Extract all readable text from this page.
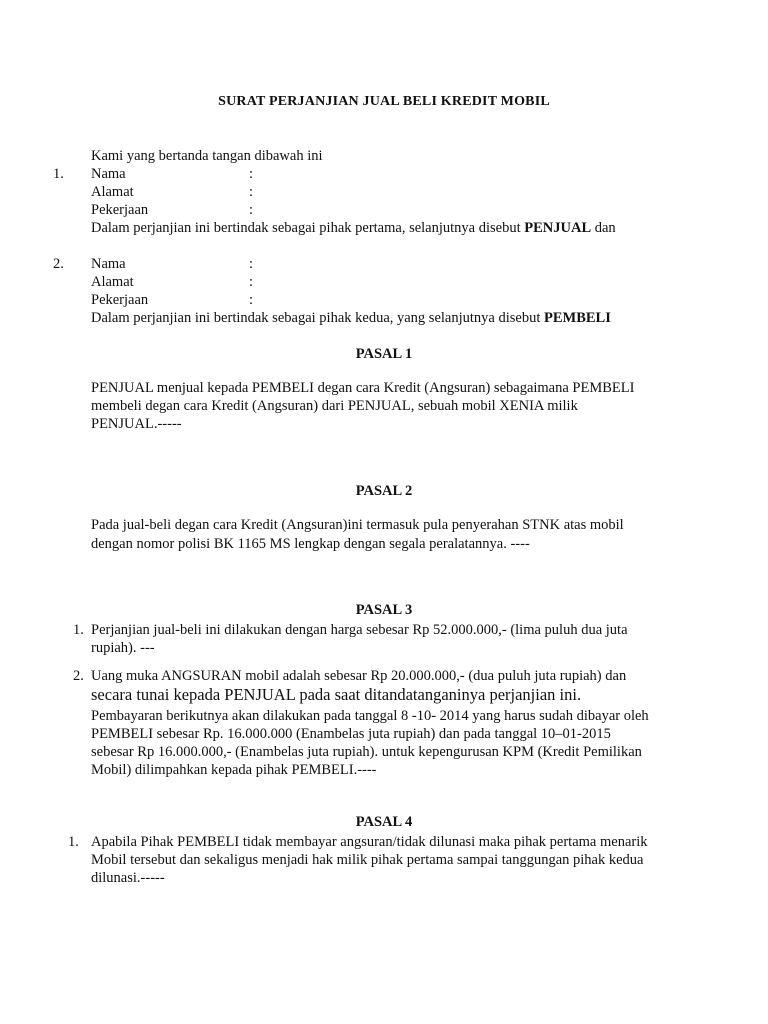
SURAT PERJANJIAN JUAL BELI KREDIT MOBIL
Kami yang bertanda tangan dibawah ini
1. Nama	:
Alamat	:
Pekerjaan	:
Dalam perjanjian ini bertindak sebagai pihak pertama, selanjutnya disebut PENJUAL dan
2. Nama	:
Alamat	:
Pekerjaan	:
Dalam perjanjian ini bertindak sebagai pihak kedua, yang selanjutnya disebut PEMBELI
PASAL 1
PENJUAL menjual kepada PEMBELI degan cara Kredit (Angsuran) sebagaimana PEMBELI
membeli degan cara Kredit (Angsuran) dari PENJUAL, sebuah mobil XENIA milik
PENJUAL.-----
PASAL 2
Pada jual-beli degan cara Kredit (Angsuran)ini termasuk pula penyerahan STNK atas mobil
dengan nomor polisi BK 1165 MS lengkap dengan segala peralatannya. ----
PASAL 3
1. Perjanjian jual-beli ini dilakukan dengan harga sebesar Rp 52.000.000,- (lima puluh dua juta
rupiah). ---
2. Uang muka ANGSURAN mobil adalah sebesar Rp 20.000.000,- (dua puluh juta rupiah) dan
secara tunai kepada PENJUAL pada saat ditandatanganinya perjanjian ini.
Pembayaran berikutnya akan dilakukan pada tanggal 8 -10- 2014 yang harus sudah dibayar oleh
PEMBELI sebesar Rp. 16.000.000 (Enambelas juta rupiah) dan pada tanggal 10–01-2015
sebesar Rp 16.000.000,- (Enambelas juta rupiah). untuk kepengurusan KPM (Kredit Pemilikan
Mobil) dilimpahkan kepada pihak PEMBELI.----
PASAL 4
1. Apabila Pihak PEMBELI tidak membayar angsuran/tidak dilunasi maka pihak pertama menarik
Mobil tersebut dan sekaligus menjadi hak milik pihak pertama sampai tanggungan pihak kedua
dilunasi.-----
